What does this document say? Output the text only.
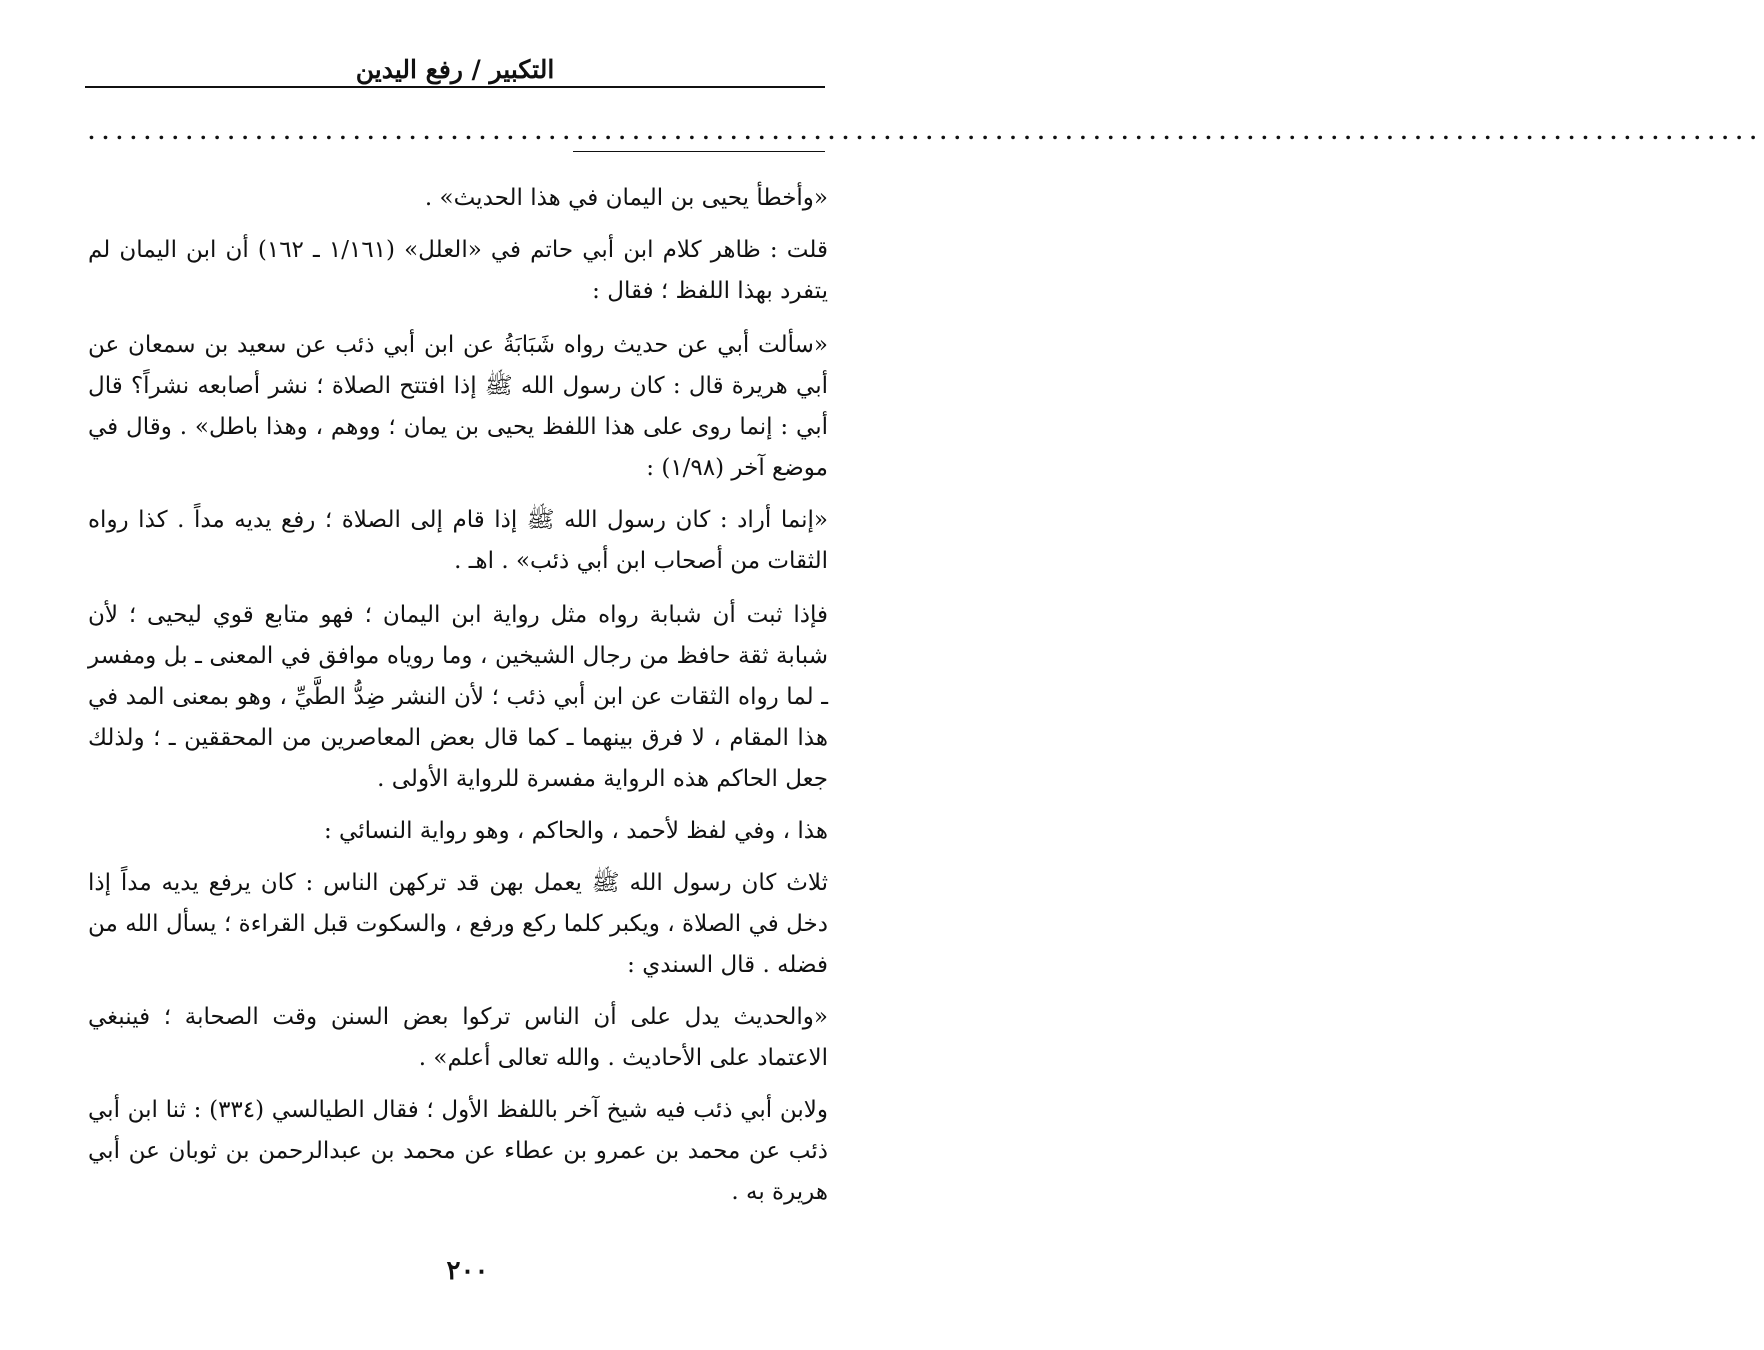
التكبير / رفع اليدين
........................................................................................................................

«وأخطأ يحيى بن اليمان في هذا الحديث» .

قلت : ظاهر كلام ابن أبي حاتم في «العلل» (١/١٦١ ـ ١٦٢) أن ابن اليمان لم يتفرد بهذا اللفظ ؛ فقال :

«سألت أبي عن حديث رواه شَبَابَةُ عن ابن أبي ذئب عن سعيد بن سمعان عن أبي هريرة قال : كان رسول الله ﷺ إذا افتتح الصلاة ؛ نشر أصابعه نشراً؟ قال أبي : إنما روى على هذا اللفظ يحيى بن يمان ؛ ووهم ، وهذا باطل» . وقال في موضع آخر (١/٩٨) :

«إنما أراد : كان رسول الله ﷺ إذا قام إلى الصلاة ؛ رفع يديه مداً . كذا رواه الثقات من أصحاب ابن أبي ذئب» . اهـ .

فإذا ثبت أن شبابة رواه مثل رواية ابن اليمان ؛ فهو متابع قوي ليحيى ؛ لأن شبابة ثقة حافظ من رجال الشيخين ، وما روياه موافق في المعنى ـ بل ومفسر ـ لما رواه الثقات عن ابن أبي ذئب ؛ لأن النشر ضِدُّ الطَّيِّ ، وهو بمعنى المد في هذا المقام ، لا فرق بينهما ـ كما قال بعض المعاصرين من المحققين ـ ؛ ولذلك جعل الحاكم هذه الرواية مفسرة للرواية الأولى .

هذا ، وفي لفظ لأحمد ، والحاكم ، وهو رواية النسائي :

ثلاث كان رسول الله ﷺ يعمل بهن قد تركهن الناس : كان يرفع يديه مداً إذا دخل في الصلاة ، ويكبر كلما ركع ورفع ، والسكوت قبل القراءة ؛ يسأل الله من فضله . قال السندي :

«والحديث يدل على أن الناس تركوا بعض السنن وقت الصحابة ؛ فينبغي الاعتماد على الأحاديث . والله تعالى أعلم» .

ولابن أبي ذئب فيه شيخ آخر باللفظ الأول ؛ فقال الطيالسي (٣٣٤) : ثنا ابن أبي ذئب عن محمد بن عمرو بن عطاء عن محمد بن عبدالرحمن بن ثوبان عن أبي هريرة به .

٢٠٠
